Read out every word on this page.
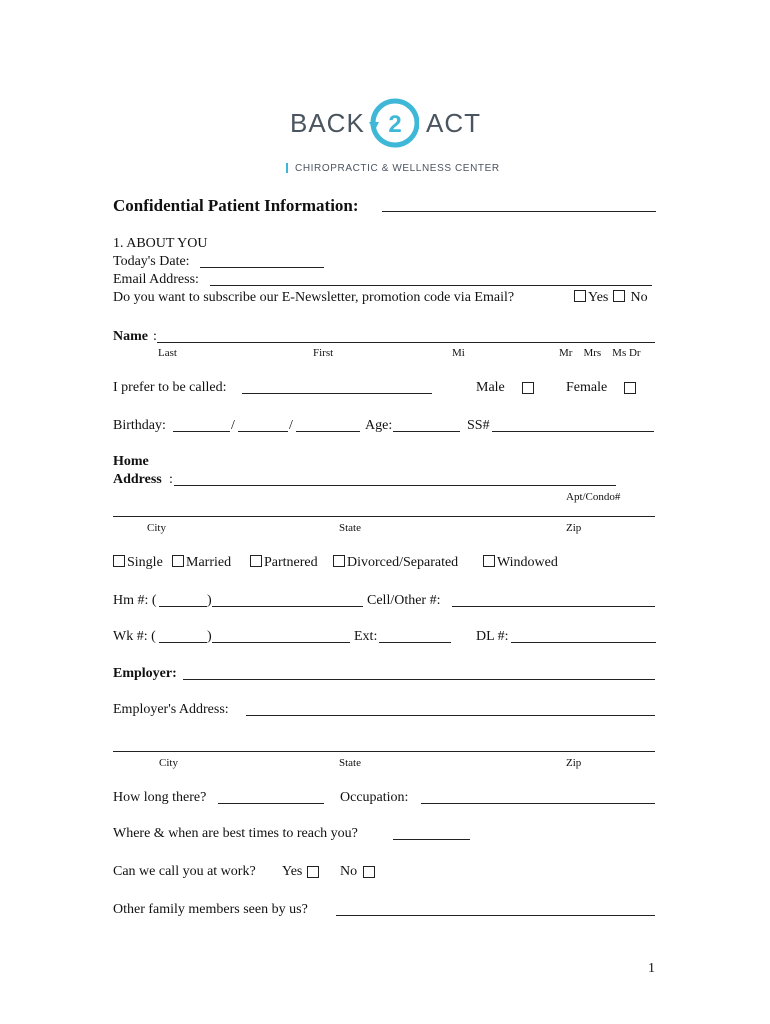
BACK 2 ACT
CHIROPRACTIC & WELLNESS CENTER
Confidential Patient Information:
1. ABOUT YOU
Today's Date:
Email Address:
Do you want to subscribe our E-Newsletter, promotion code via Email?	Yes	No
Name :
Last	First	Mi	Mr    Mrs    Ms Dr
I prefer to be called:	Male	Female
Birthday:	/	/	Age:	SS#
Home
Address :
Apt/Condo#
City	State	Zip
Single	Married	Partnered	Divorced/Separated	Windowed
Hm #: (	)	Cell/Other #:
Wk #: (	)	Ext:	DL #:
Employer:
Employer's Address:
City	State	Zip
How long there?	Occupation:
Where & when are best times to reach you?
Can we call you at work? Yes	No
Other family members seen by us?
1
